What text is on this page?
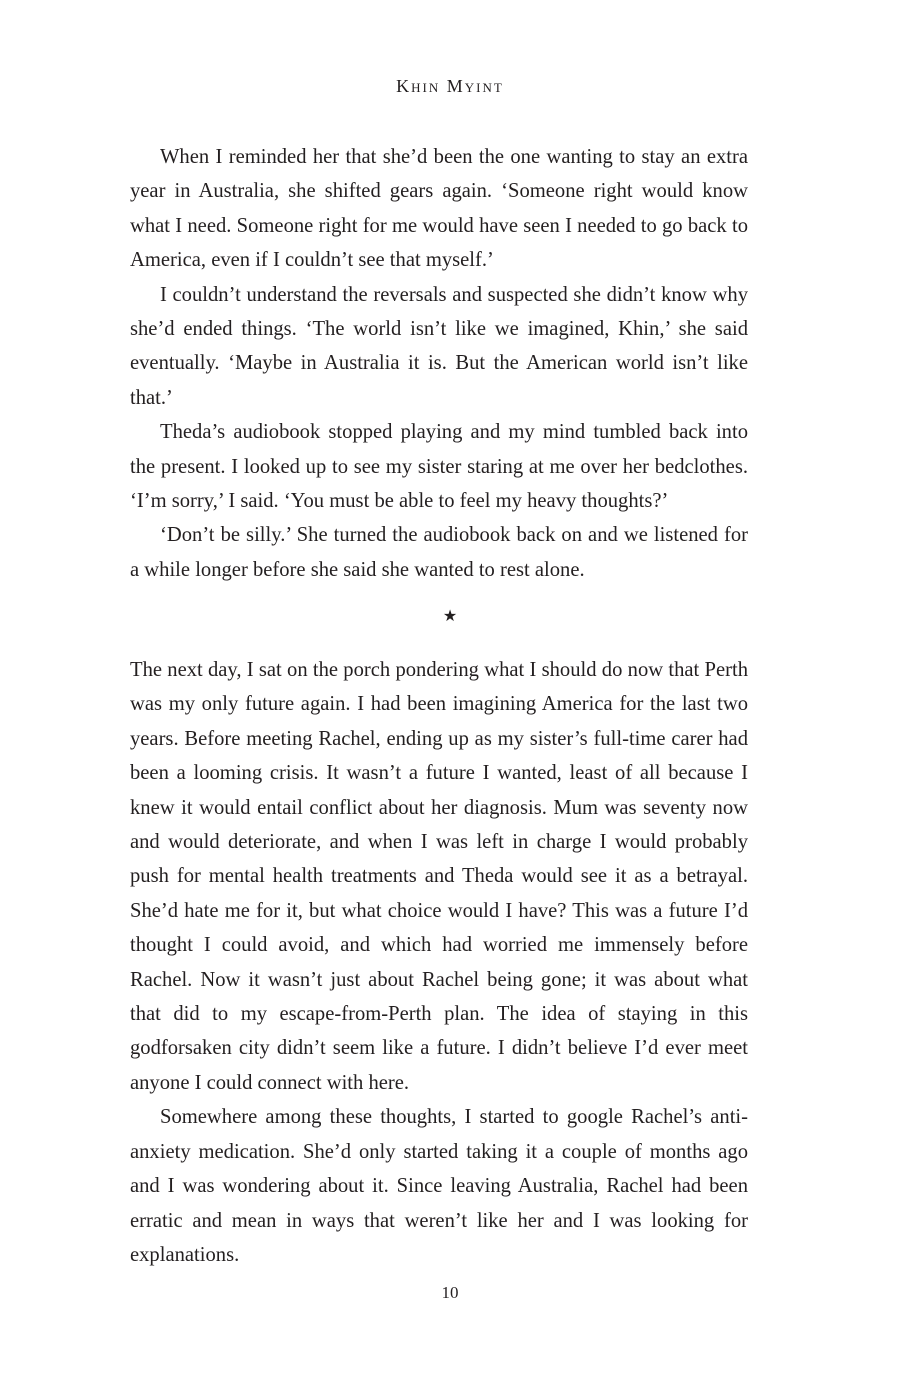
Khin Myint

When I reminded her that she’d been the one wanting to stay an extra year in Australia, she shifted gears again. ‘Someone right would know what I need. Someone right for me would have seen I needed to go back to America, even if I couldn’t see that myself.’

I couldn’t understand the reversals and suspected she didn’t know why she’d ended things. ‘The world isn’t like we imagined, Khin,’ she said eventually. ‘Maybe in Australia it is. But the American world isn’t like that.’

Theda’s audiobook stopped playing and my mind tumbled back into the present. I looked up to see my sister staring at me over her bedclothes. ‘I’m sorry,’ I said. ‘You must be able to feel my heavy thoughts?’

‘Don’t be silly.’ She turned the audiobook back on and we listened for a while longer before she said she wanted to rest alone.

★

The next day, I sat on the porch pondering what I should do now that Perth was my only future again. I had been imagining America for the last two years. Before meeting Rachel, ending up as my sister’s full-time carer had been a looming crisis. It wasn’t a future I wanted, least of all because I knew it would entail conflict about her diagnosis. Mum was seventy now and would deteriorate, and when I was left in charge I would probably push for mental health treatments and Theda would see it as a betrayal. She’d hate me for it, but what choice would I have? This was a future I’d thought I could avoid, and which had worried me immensely before Rachel. Now it wasn’t just about Rachel being gone; it was about what that did to my escape-from-Perth plan. The idea of staying in this godforsaken city didn’t seem like a future. I didn’t believe I’d ever meet anyone I could connect with here.

Somewhere among these thoughts, I started to google Rachel’s anti-anxiety medication. She’d only started taking it a couple of months ago and I was wondering about it. Since leaving Australia, Rachel had been erratic and mean in ways that weren’t like her and I was looking for explanations.

10
